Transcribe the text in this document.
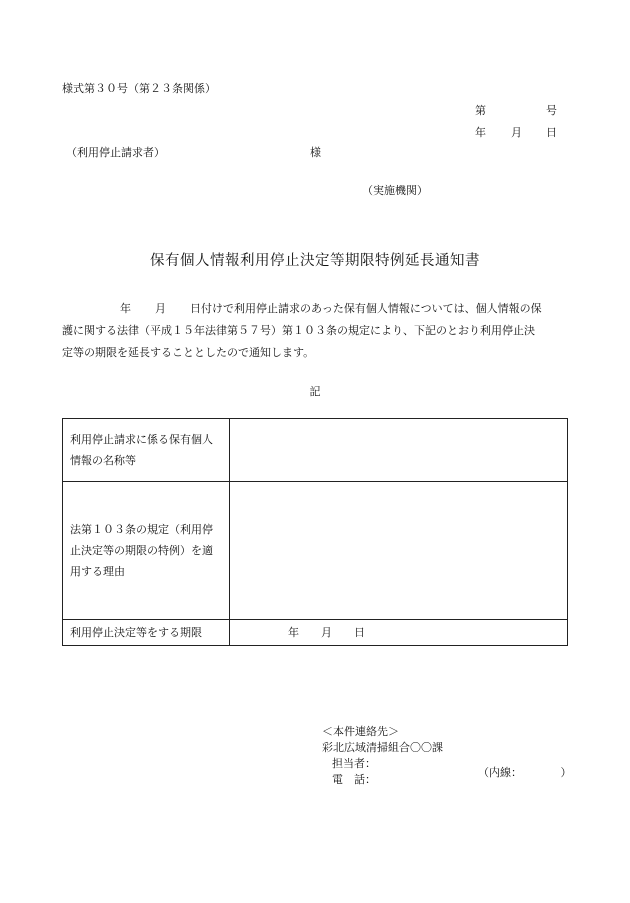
様式第３０号（第２３条関係）
第	号
年 月 日
（利用停止請求者）	様
（実施機関）
保有個人情報利用停止決定等期限特例延長通知書
年 月 日付けで利用停止請求のあった保有個人情報については、個人情報の保
護に関する法律（平成１５年法律第５７号）第１０３条の規定により、下記のとおり利用停止決
定等の期限を延長することとしたので通知します。
記
利用停止請求に係る保有個人
情報の名称等	
法第１０３条の規定（利用停
止決定等の期限の特例）を適
用する理由	
利用停止決定等をする期限	年 月 日
＜本件連絡先＞
彩北広域清掃組合〇〇課
担当者：
電　話：
（内線：　　　　）
